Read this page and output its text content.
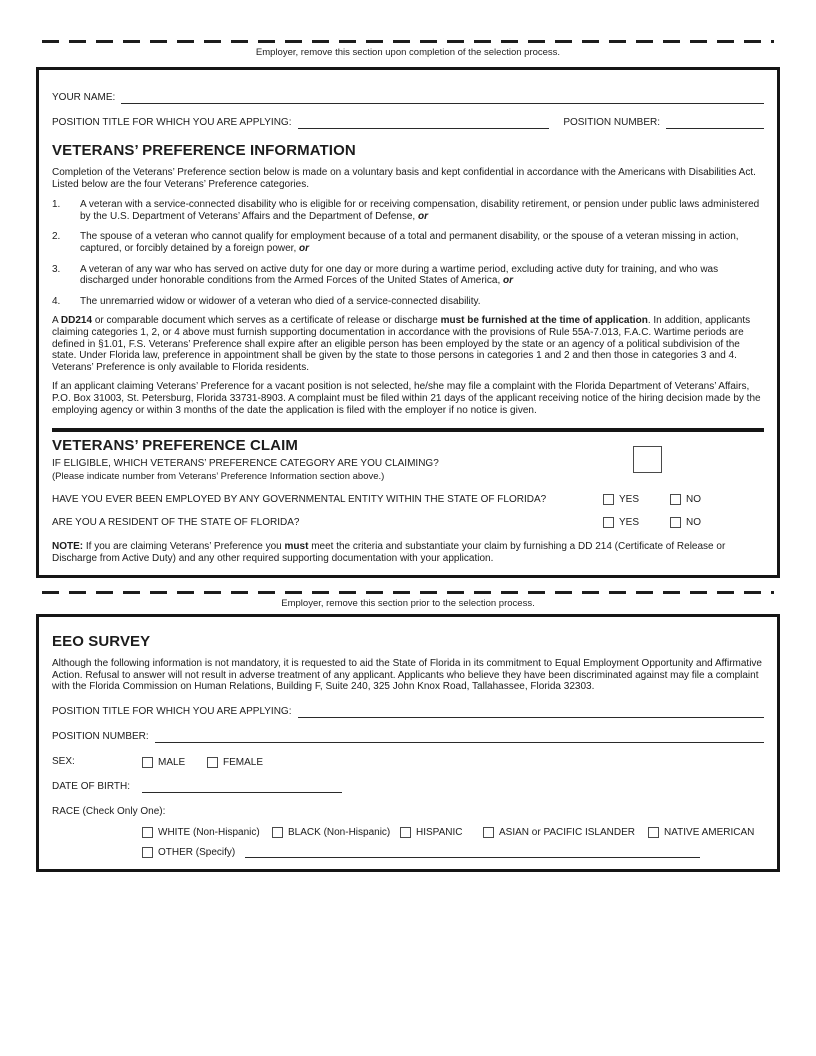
Employer, remove this section upon completion of the selection process.
YOUR NAME:
POSITION TITLE FOR WHICH YOU ARE APPLYING:	POSITION NUMBER:
VETERANS’ PREFERENCE INFORMATION

Completion of the Veterans’ Preference section below is made on a voluntary basis and kept confidential in accordance with the Americans with Disabilities Act. Listed below are the four Veterans’ Preference categories.

1.	A veteran with a service-connected disability who is eligible for or receiving compensation, disability retirement, or pension under public laws administered by the U.S. Department of Veterans’ Affairs and the Department of Defense, or
2.	The spouse of a veteran who cannot qualify for employment because of a total and permanent disability, or the spouse of a veteran missing in action, captured, or forcibly detained by a foreign power, or
3.	A veteran of any war who has served on active duty for one day or more during a wartime period, excluding active duty for training, and who was discharged under honorable conditions from the Armed Forces of the United States of America, or
4.	The unremarried widow or widower of a veteran who died of a service-connected disability.

A DD214 or comparable document which serves as a certificate of release or discharge must be furnished at the time of application. In addition, applicants claiming categories 1, 2, or 4 above must furnish supporting documentation in accordance with the provisions of Rule 55A-7.013, F.A.C. Wartime periods are defined in §1.01, F.S. Veterans’ Preference shall expire after an eligible person has been employed by the state or an agency of a political subdivision of the state. Under Florida law, preference in appointment shall be given by the state to those persons in categories 1 and 2 and then those in categories 3 and 4. Veterans’ Preference is only available to Florida residents.

If an applicant claiming Veterans’ Preference for a vacant position is not selected, he/she may file a complaint with the Florida Department of Veterans’ Affairs, P.O. Box 31003, St. Petersburg, Florida 33731-8903. A complaint must be filed within 21 days of the applicant receiving notice of the hiring decision made by the employing agency or within 3 months of the date the application is filed with the employer if no notice is given.

VETERANS’ PREFERENCE CLAIM
IF ELIGIBLE, WHICH VETERANS’ PREFERENCE CATEGORY ARE YOU CLAIMING?
(Please indicate number from Veterans’ Preference Information section above.)
HAVE YOU EVER BEEN EMPLOYED BY ANY GOVERNMENTAL ENTITY WITHIN THE STATE OF FLORIDA?	YES	NO
ARE YOU A RESIDENT OF THE STATE OF FLORIDA?	YES	NO

NOTE: If you are claiming Veterans’ Preference you must meet the criteria and substantiate your claim by furnishing a DD 214 (Certificate of Release or Discharge from Active Duty) and any other required supporting documentation with your application.

Employer, remove this section prior to the selection process.
EEO SURVEY

Although the following information is not mandatory, it is requested to aid the State of Florida in its commitment to Equal Employment Opportunity and Affirmative Action. Refusal to answer will not result in adverse treatment of any applicant. Applicants who believe they have been discriminated against may file a complaint with the Florida Commission on Human Relations, Building F, Suite 240, 325 John Knox Road, Tallahassee, Florida 32303.

POSITION TITLE FOR WHICH YOU ARE APPLYING:
POSITION NUMBER:
SEX:	MALE	FEMALE
DATE OF BIRTH:
RACE (Check Only One):
WHITE (Non-Hispanic)	BLACK (Non-Hispanic)	HISPANIC	ASIAN or PACIFIC ISLANDER	NATIVE AMERICAN
OTHER (Specify)
